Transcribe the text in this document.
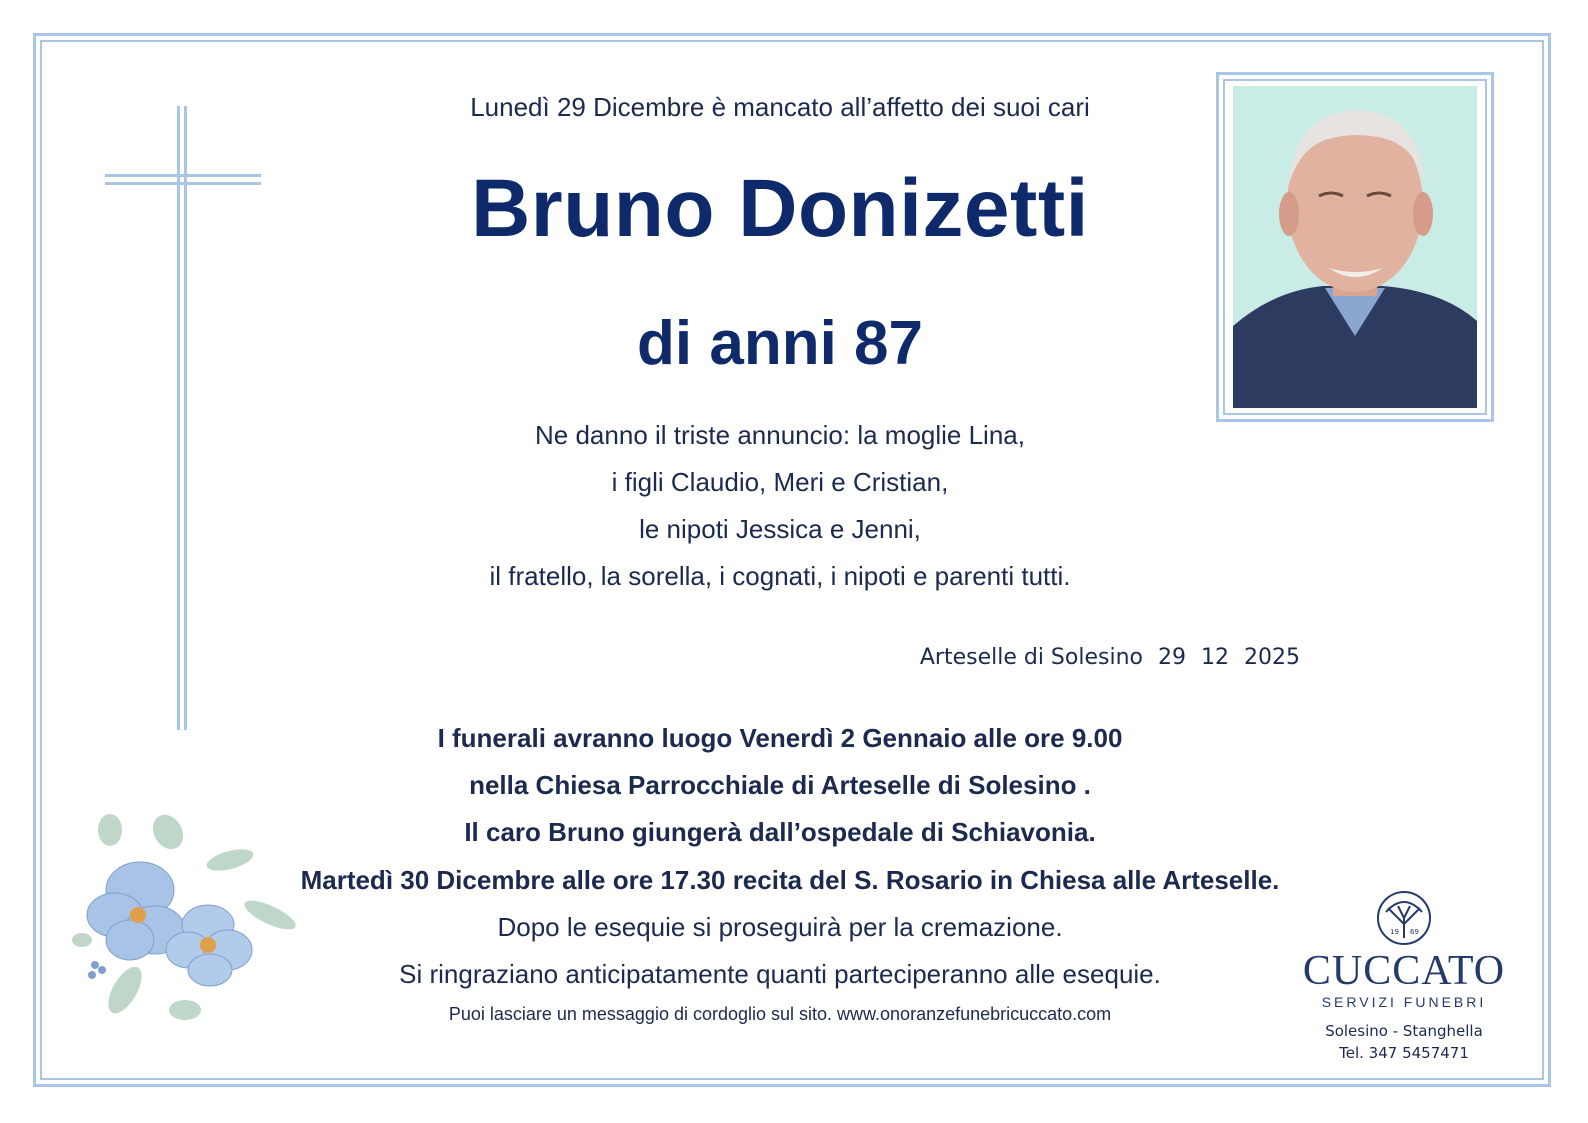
Lunedì 29 Dicembre è mancato all’affetto dei suoi cari
Bruno Donizetti
di anni 87
Ne danno il triste annuncio: la moglie Lina,
i figli Claudio, Meri e Cristian,
le nipoti Jessica e Jenni,
il fratello, la sorella, i cognati, i nipoti e parenti tutti.
Arteselle di Solesino 29 12 2025
I funerali avranno luogo Venerdì 2 Gennaio alle ore 9.00
nella Chiesa Parrocchiale di Arteselle di Solesino .
Il caro Bruno giungerà dall’ospedale di Schiavonia.
Martedì 30 Dicembre alle ore 17.30 recita del S. Rosario in Chiesa alle Arteselle.
Dopo le esequie si proseguirà per la cremazione.
Si ringraziano anticipatamente quanti parteciperanno alle esequie.
Puoi lasciare un messaggio di cordoglio sul sito. www.onoranzefunebricuccato.com
19 69
CUCCATO
SERVIZI FUNEBRI
Solesino - Stanghella
Tel. 347 5457471
